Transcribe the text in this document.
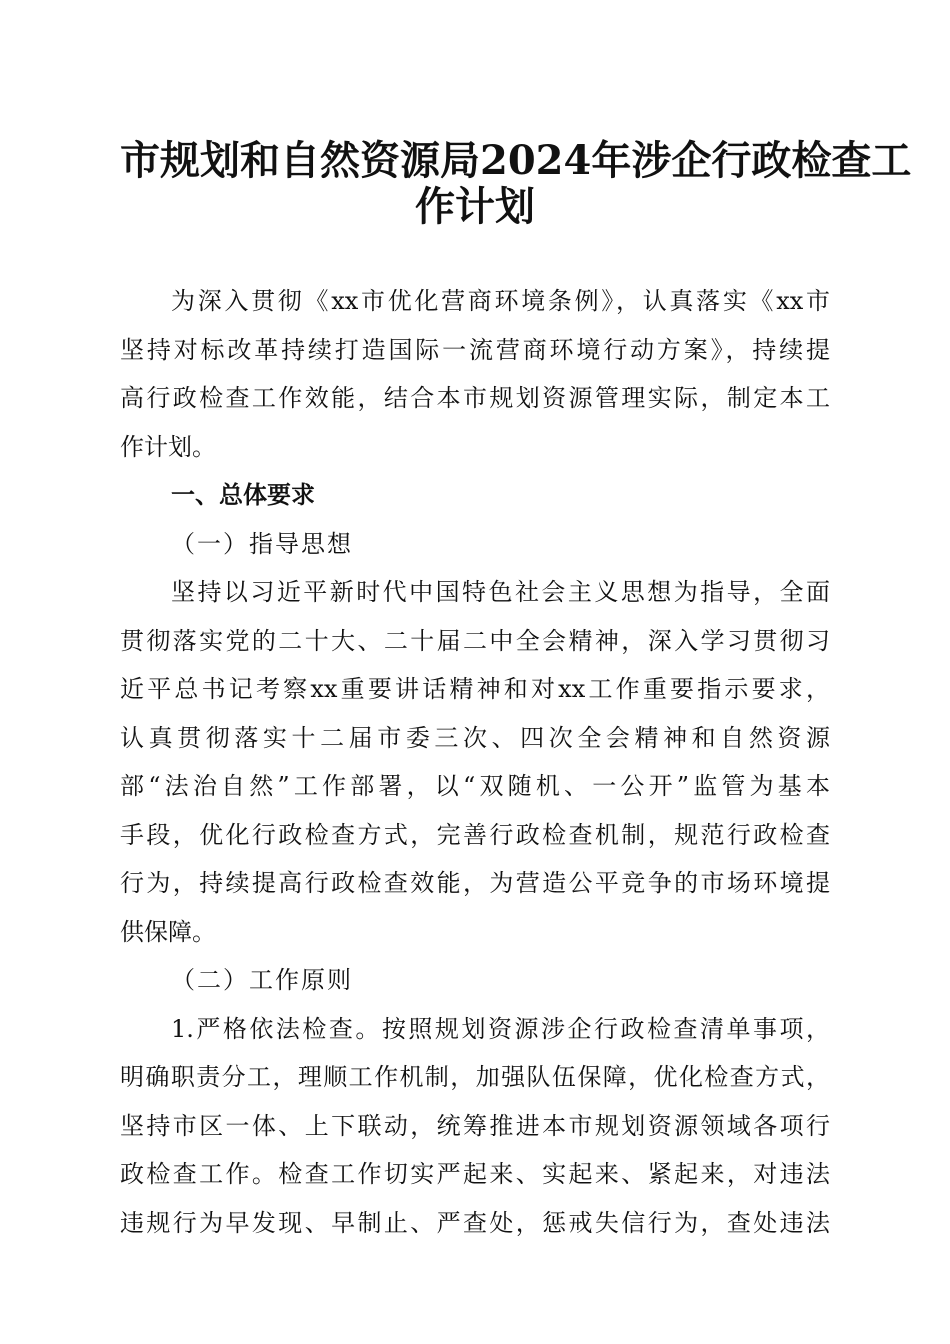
市规划和自然资源局2024年涉企行政检查工
作计划
为深入贯彻《xx市优化营商环境条例》，认真落实《xx市
坚持对标改革持续打造国际一流营商环境行动方案》，持续提
高行政检查工作效能，结合本市规划资源管理实际，制定本工
作计划。
一、总体要求
（一）指导思想
坚持以习近平新时代中国特色社会主义思想为指导，全面
贯彻落实党的二十大、二十届二中全会精神，深入学习贯彻习
近平总书记考察xx重要讲话精神和对xx工作重要指示要求，
认真贯彻落实十二届市委三次、四次全会精神和自然资源
部“法治自然”工作部署，以“双随机、一公开”监管为基本
手段，优化行政检查方式，完善行政检查机制，规范行政检查
行为，持续提高行政检查效能，为营造公平竞争的市场环境提
供保障。
（二）工作原则
1.严格依法检查。按照规划资源涉企行政检查清单事项，
明确职责分工，理顺工作机制，加强队伍保障，优化检查方式，
坚持市区一体、上下联动，统筹推进本市规划资源领域各项行
政检查工作。检查工作切实严起来、实起来、紧起来，对违法
违规行为早发现、早制止、严查处，惩戒失信行为，查处违法
